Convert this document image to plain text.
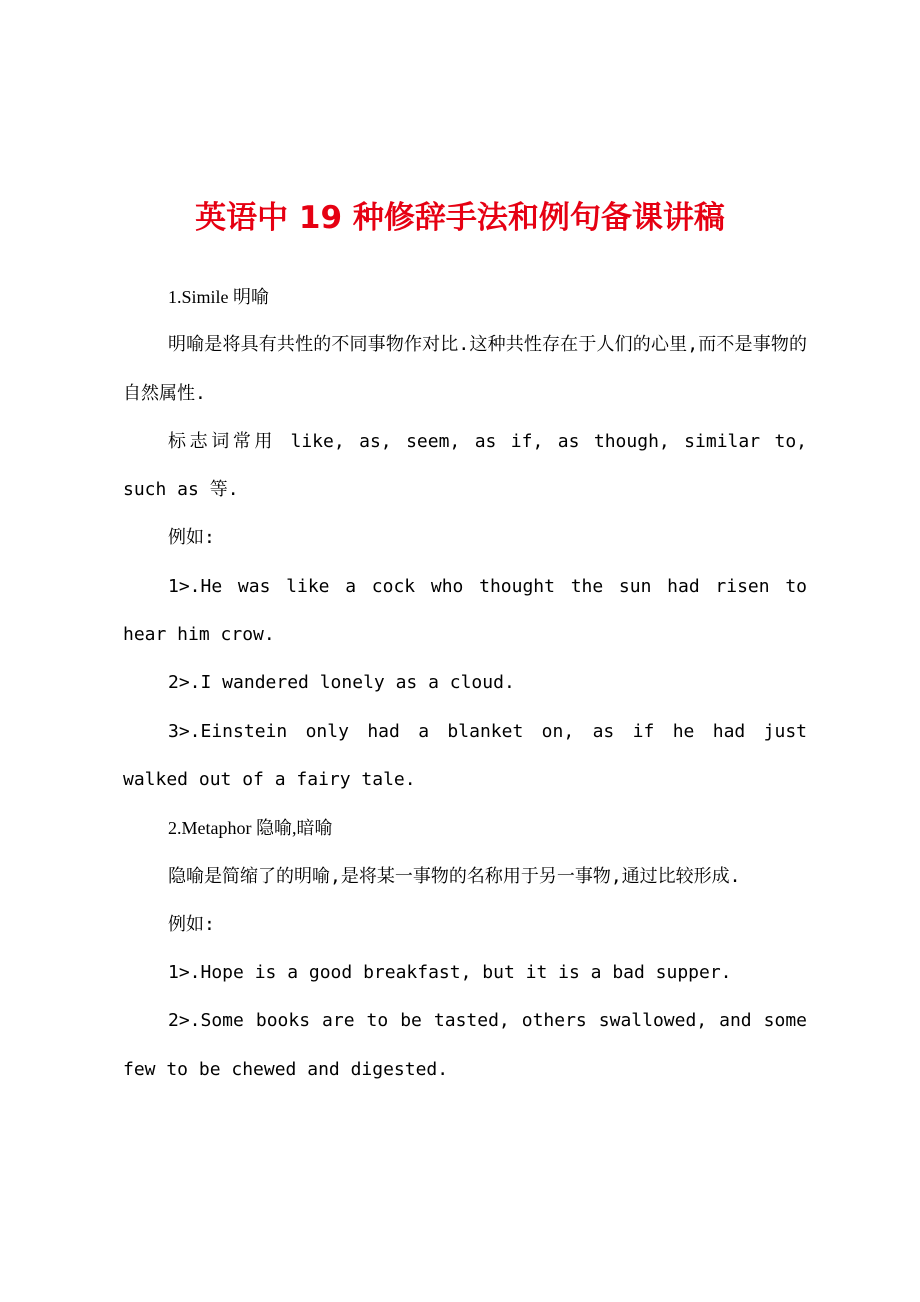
英语中 19 种修辞手法和例句备课讲稿

1.Simile 明喻

明喻是将具有共性的不同事物作对比.这种共性存在于人们的心里,而不是事物的自然属性.

标志词常用 like, as, seem, as if, as though, similar to, such as 等.

例如:

1>.He was like a cock who thought the sun had risen to hear him crow.

2>.I wandered lonely as a cloud.

3>.Einstein only had a blanket on, as if he had just walked out of a fairy tale.

2.Metaphor 隐喻,暗喻

隐喻是简缩了的明喻,是将某一事物的名称用于另一事物,通过比较形成.

例如:

1>.Hope is a good breakfast, but it is a bad supper.

2>.Some books are to be tasted, others swallowed, and some few to be chewed and digested.
